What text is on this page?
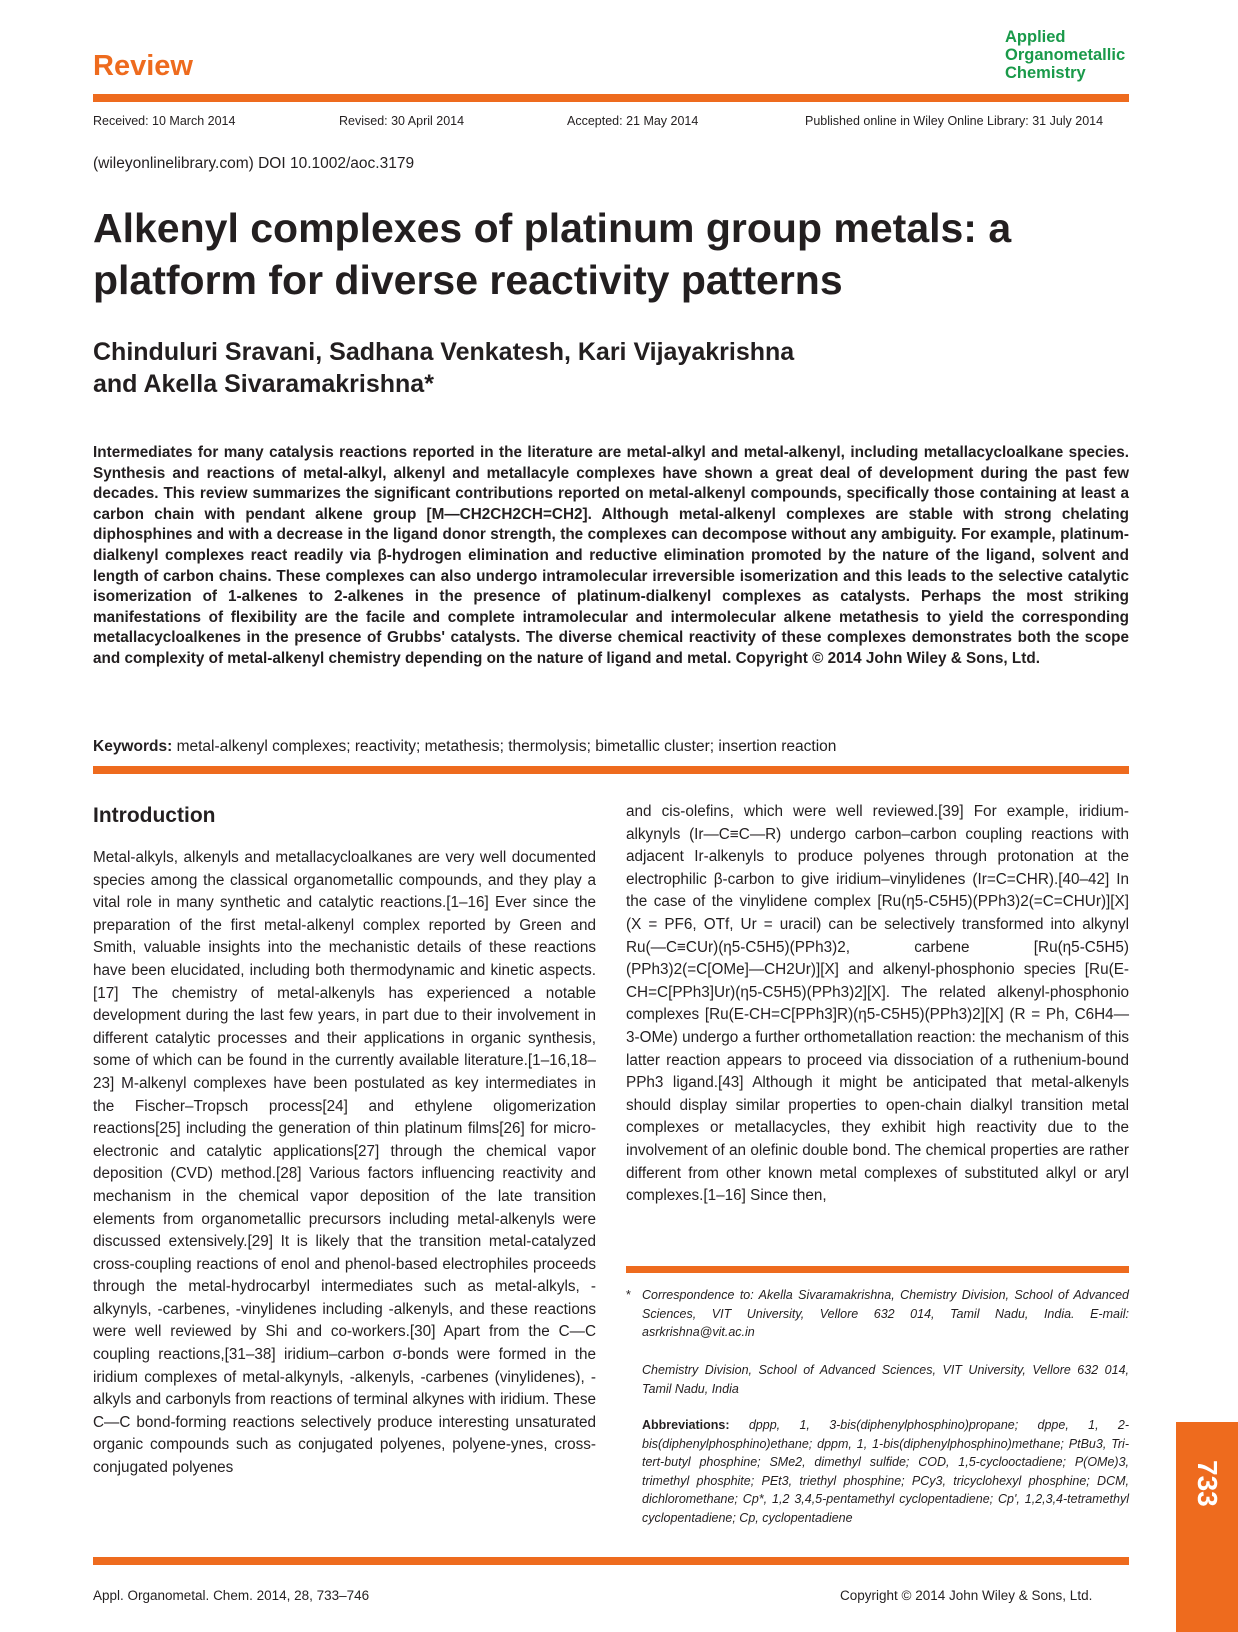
Review
Applied
Organometallic
Chemistry
Received: 10 March 2014	Revised: 30 April 2014	Accepted: 21 May 2014	Published online in Wiley Online Library: 31 July 2014
(wileyonlinelibrary.com) DOI 10.1002/aoc.3179
Alkenyl complexes of platinum group metals: a platform for diverse reactivity patterns
Chinduluri Sravani, Sadhana Venkatesh, Kari Vijayakrishna
and Akella Sivaramakrishna*
Intermediates for many catalysis reactions reported in the literature are metal-alkyl and metal-alkenyl, including metallacycloalkane species. Synthesis and reactions of metal-alkyl, alkenyl and metallacyle complexes have shown a great deal of development during the past few decades. This review summarizes the significant contributions reported on metal-alkenyl compounds, specifically those containing at least a carbon chain with pendant alkene group [M—CH2CH2CH=CH2]. Although metal-alkenyl complexes are stable with strong chelating diphosphines and with a decrease in the ligand donor strength, the complexes can decompose without any ambiguity. For example, platinum-dialkenyl complexes react readily via β-hydrogen elimination and reductive elimination promoted by the nature of the ligand, solvent and length of carbon chains. These complexes can also undergo intramolecular irreversible isomerization and this leads to the selective catalytic isomerization of 1-alkenes to 2-alkenes in the presence of platinum-dialkenyl complexes as catalysts. Perhaps the most striking manifestations of flexibility are the facile and complete intramolecular and intermolecular alkene metathesis to yield the corresponding metallacycloalkenes in the presence of Grubbs' catalysts. The diverse chemical reactivity of these complexes demonstrates both the scope and complexity of metal-alkenyl chemistry depending on the nature of ligand and metal. Copyright © 2014 John Wiley & Sons, Ltd.
Keywords: metal-alkenyl complexes; reactivity; metathesis; thermolysis; bimetallic cluster; insertion reaction
Introduction
Metal-alkyls, alkenyls and metallacycloalkanes are very well documented species among the classical organometallic compounds, and they play a vital role in many synthetic and catalytic reactions.[1–16] Ever since the preparation of the first metal-alkenyl complex reported by Green and Smith, valuable insights into the mechanistic details of these reactions have been elucidated, including both thermodynamic and kinetic aspects.[17] The chemistry of metal-alkenyls has experienced a notable development during the last few years, in part due to their involvement in different catalytic processes and their applications in organic synthesis, some of which can be found in the currently available literature.[1–16,18–23] M-alkenyl complexes have been postulated as key intermediates in the Fischer–Tropsch process[24] and ethylene oligomerization reactions[25] including the generation of thin platinum films[26] for micro-electronic and catalytic applications[27] through the chemical vapor deposition (CVD) method.[28] Various factors influencing reactivity and mechanism in the chemical vapor deposition of the late transition elements from organometallic precursors including metal-alkenyls were discussed extensively.[29] It is likely that the transition metal-catalyzed cross-coupling reactions of enol and phenol-based electrophiles proceeds through the metal-hydrocarbyl intermediates such as metal-alkyls, -alkynyls, -carbenes, -vinylidenes including -alkenyls, and these reactions were well reviewed by Shi and co-workers.[30] Apart from the C—C coupling reactions,[31–38] iridium–carbon σ-bonds were formed in the iridium complexes of metal-alkynyls, -alkenyls, -carbenes (vinylidenes), -alkyls and carbonyls from reactions of terminal alkynes with iridium. These C—C bond-forming reactions selectively produce interesting unsaturated organic compounds such as conjugated polyenes, polyene-ynes, cross-conjugated polyenes
and cis-olefins, which were well reviewed.[39] For example, iridium-alkynyls (Ir—C≡C—R) undergo carbon–carbon coupling reactions with adjacent Ir-alkenyls to produce polyenes through protonation at the electrophilic β-carbon to give iridium–vinylidenes (Ir=C=CHR).[40–42] In the case of the vinylidene complex [Ru(η5-C5H5)(PPh3)2(=C=CHUr)][X] (X = PF6, OTf, Ur = uracil) can be selectively transformed into alkynyl Ru(—C≡CUr)(η5-C5H5)(PPh3)2, carbene [Ru(η5-C5H5)(PPh3)2(=C[OMe]—CH2Ur)][X] and alkenyl-phosphonio species [Ru(E-CH=C[PPh3]Ur)(η5-C5H5)(PPh3)2][X]. The related alkenyl-phosphonio complexes [Ru(E-CH=C[PPh3]R)(η5-C5H5)(PPh3)2][X] (R = Ph, C6H4—3-OMe) undergo a further orthometallation reaction: the mechanism of this latter reaction appears to proceed via dissociation of a ruthenium-bound PPh3 ligand.[43] Although it might be anticipated that metal-alkenyls should display similar properties to open-chain dialkyl transition metal complexes or metallacycles, they exhibit high reactivity due to the involvement of an olefinic double bond. The chemical properties are rather different from other known metal complexes of substituted alkyl or aryl complexes.[1–16] Since then,
* Correspondence to: Akella Sivaramakrishna, Chemistry Division, School of Advanced Sciences, VIT University, Vellore 632 014, Tamil Nadu, India. E-mail: asrkrishna@vit.ac.in
Chemistry Division, School of Advanced Sciences, VIT University, Vellore 632 014, Tamil Nadu, India
Abbreviations: dppp, 1, 3-bis(diphenylphosphino)propane; dppe, 1, 2-bis(diphenylphosphino)ethane; dppm, 1, 1-bis(diphenylphosphino)methane; PtBu3, Tri-tert-butyl phosphine; SMe2, dimethyl sulfide; COD, 1,5-cyclooctadiene; P(OMe)3, trimethyl phosphite; PEt3, triethyl phosphine; PCy3, tricyclohexyl phosphine; DCM, dichloromethane; Cp*, 1,2 3,4,5-pentamethyl cyclopentadiene; Cp', 1,2,3,4-tetramethyl cyclopentadiene; Cp, cyclopentadiene
733
Appl. Organometal. Chem. 2014, 28, 733–746	Copyright © 2014 John Wiley & Sons, Ltd.
